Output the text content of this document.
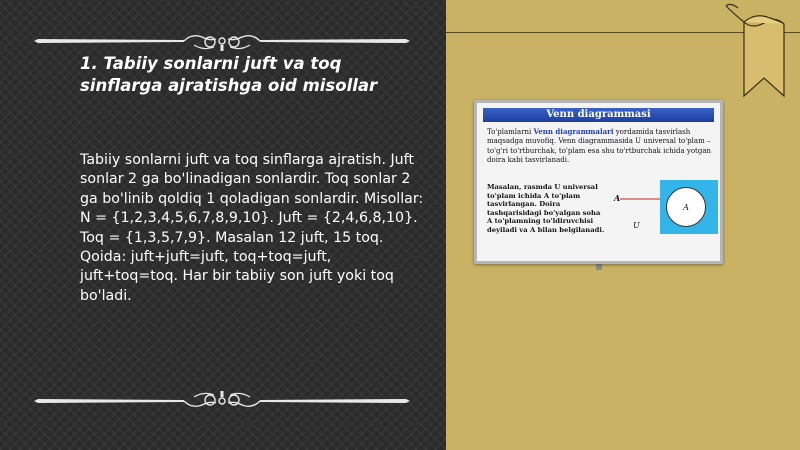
1. Tabiiy sonlarni juft va toq sinflarga ajratishga oid misollar
Tabiiy sonlarni juft va toq sinflarga ajratish. Juft sonlar 2 ga bo'linadigan sonlardir. Toq sonlar 2 ga bo'linib qoldiq 1 qoladigan sonlardir. Misollar: N = {1,2,3,4,5,6,7,8,9,10}. Juft = {2,4,6,8,10}. Toq = {1,3,5,7,9}. Masalan 12 juft, 15 toq. Qoida: juft+juft=juft, toq+toq=juft, juft+toq=toq. Har bir tabiiy son juft yoki toq bo'ladi.
Venn diagrammasi
To'plamlarni Venn diagrammalari yordamida tasvirlash maqsadga muvofiq. Venn diagrammasida U universal to'plam – to'g'ri to'rtburchak, to'plam esa shu to'rtburchak ichida yotgan doira kabi tasvirlanadi.
Masalan, rasmda U universal to'plam ichida A to'plam tasvirlangan. Doira tashqarisidagi bo'yalgan soha A to'plamning to'ldiruvchisi deyiladi va A bilan belgilanadi.
A
A
U
